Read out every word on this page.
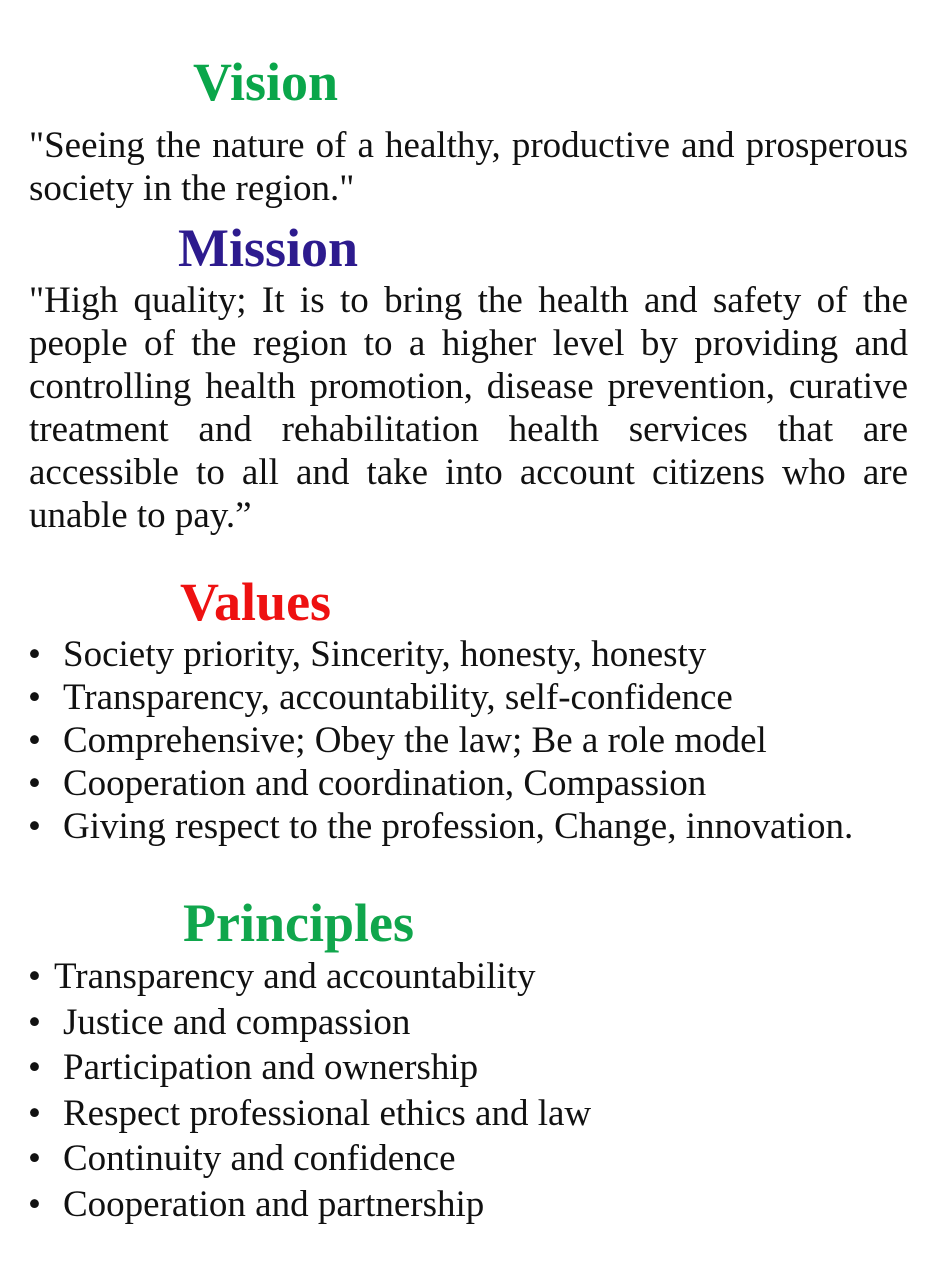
Vision

"Seeing the nature of a healthy, productive and prosperous society in the region."

Mission

"High quality; It is to bring the health and safety of the people of the region to a higher level by providing and controlling health promotion, disease prevention, curative treatment and rehabilitation health services that are accessible to all and take into account citizens who are unable to pay.”

Values
• Society priority, Sincerity, honesty, honesty
• Transparency, accountability, self-confidence
• Comprehensive; Obey the law; Be a role model
• Cooperation and coordination, Compassion
• Giving respect to the profession, Change, innovation.
Principles
• Transparency and accountability
• Justice and compassion
• Participation and ownership
• Respect professional ethics and law
• Continuity and confidence
• Cooperation and partnership
